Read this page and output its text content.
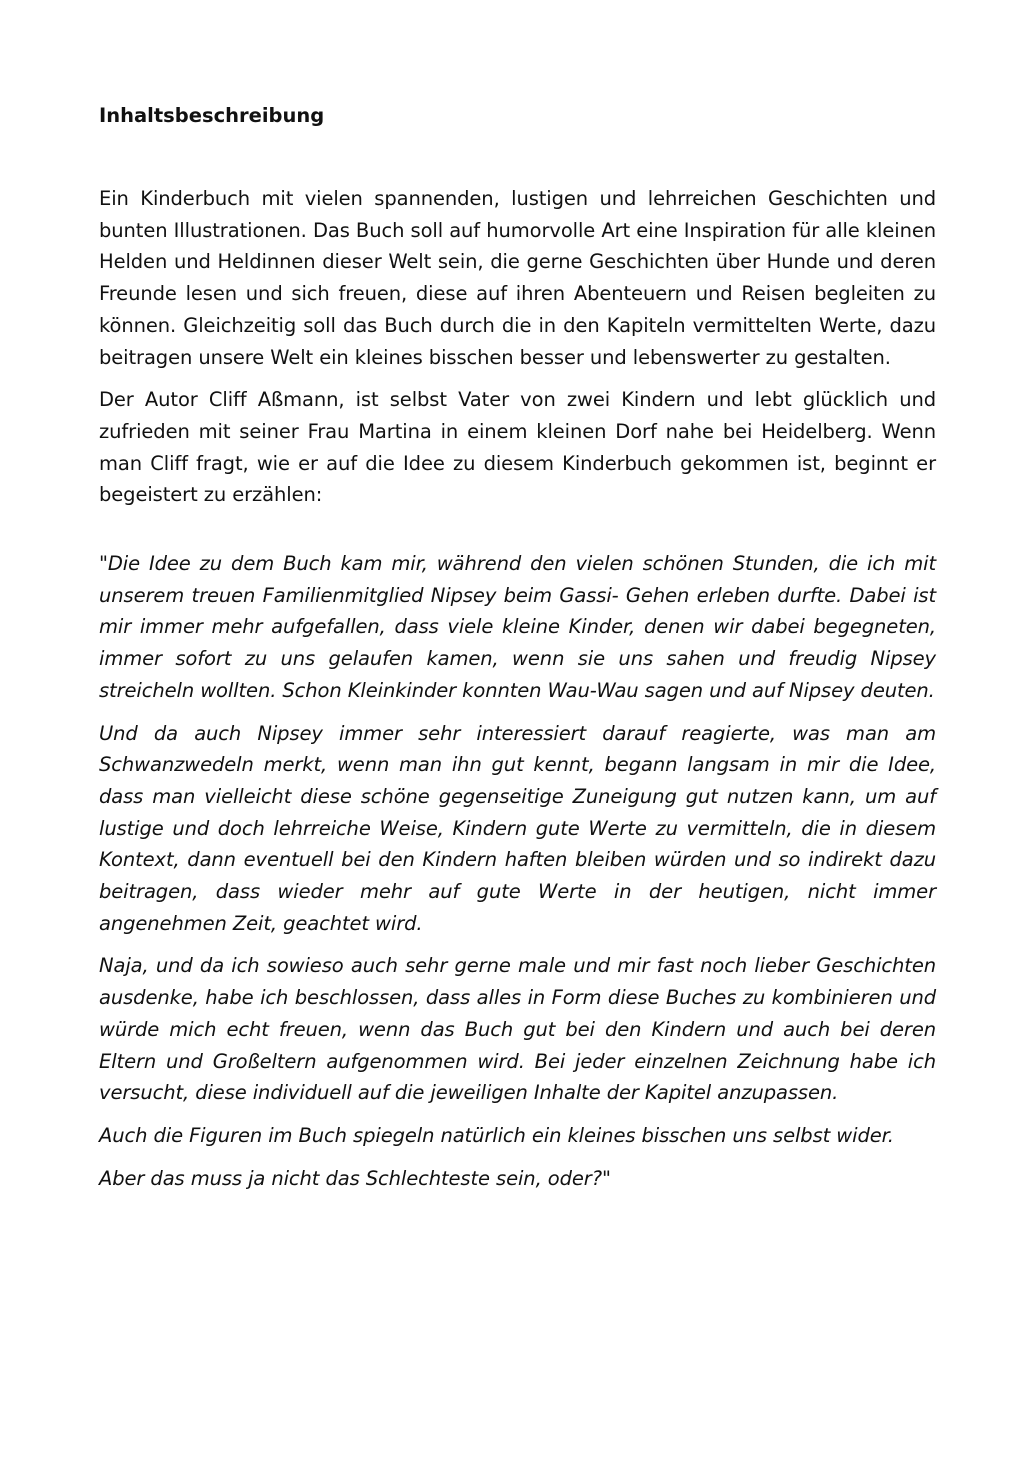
Inhaltsbeschreibung

Ein Kinderbuch mit vielen spannenden, lustigen und lehrreichen Geschichten und bunten Illustrationen. Das Buch soll auf humorvolle Art eine Inspiration für alle kleinen Helden und Heldinnen dieser Welt sein, die gerne Geschichten über Hunde und deren Freunde lesen und sich freuen, diese auf ihren Abenteuern und Reisen begleiten zu können. Gleichzeitig soll das Buch durch die in den Kapiteln vermittelten Werte, dazu beitragen unsere Welt ein kleines bisschen besser und lebenswerter zu gestalten.

Der Autor Cliff Aßmann, ist selbst Vater von zwei Kindern und lebt glücklich und zufrieden mit seiner Frau Martina in einem kleinen Dorf nahe bei Heidelberg. Wenn man Cliff fragt, wie er auf die Idee zu diesem Kinderbuch gekommen ist, beginnt er begeistert zu erzählen:

"Die Idee zu dem Buch kam mir, während den vielen schönen Stunden, die ich mit unserem treuen Familienmitglied Nipsey beim Gassi- Gehen erleben durfte. Dabei ist mir immer mehr aufgefallen, dass viele kleine Kinder, denen wir dabei begegneten, immer sofort zu uns gelaufen kamen, wenn sie uns sahen und freudig Nipsey streicheln wollten. Schon Kleinkinder konnten Wau-Wau sagen und auf Nipsey deuten.

Und da auch Nipsey immer sehr interessiert darauf reagierte, was man am Schwanzwedeln merkt, wenn man ihn gut kennt, begann langsam in mir die Idee, dass man vielleicht diese schöne gegenseitige Zuneigung gut nutzen kann, um auf lustige und doch lehrreiche Weise, Kindern gute Werte zu vermitteln, die in diesem Kontext, dann eventuell bei den Kindern haften bleiben würden und so indirekt dazu beitragen, dass wieder mehr auf gute Werte in der heutigen, nicht immer angenehmen Zeit, geachtet wird.

Naja, und da ich sowieso auch sehr gerne male und mir fast noch lieber Geschichten ausdenke, habe ich beschlossen, dass alles in Form diese Buches zu kombinieren und würde mich echt freuen, wenn das Buch gut bei den Kindern und auch bei deren Eltern und Großeltern aufgenommen wird. Bei jeder einzelnen Zeichnung habe ich versucht, diese individuell auf die jeweiligen Inhalte der Kapitel anzupassen.

Auch die Figuren im Buch spiegeln natürlich ein kleines bisschen uns selbst wider.

Aber das muss ja nicht das Schlechteste sein, oder?"
